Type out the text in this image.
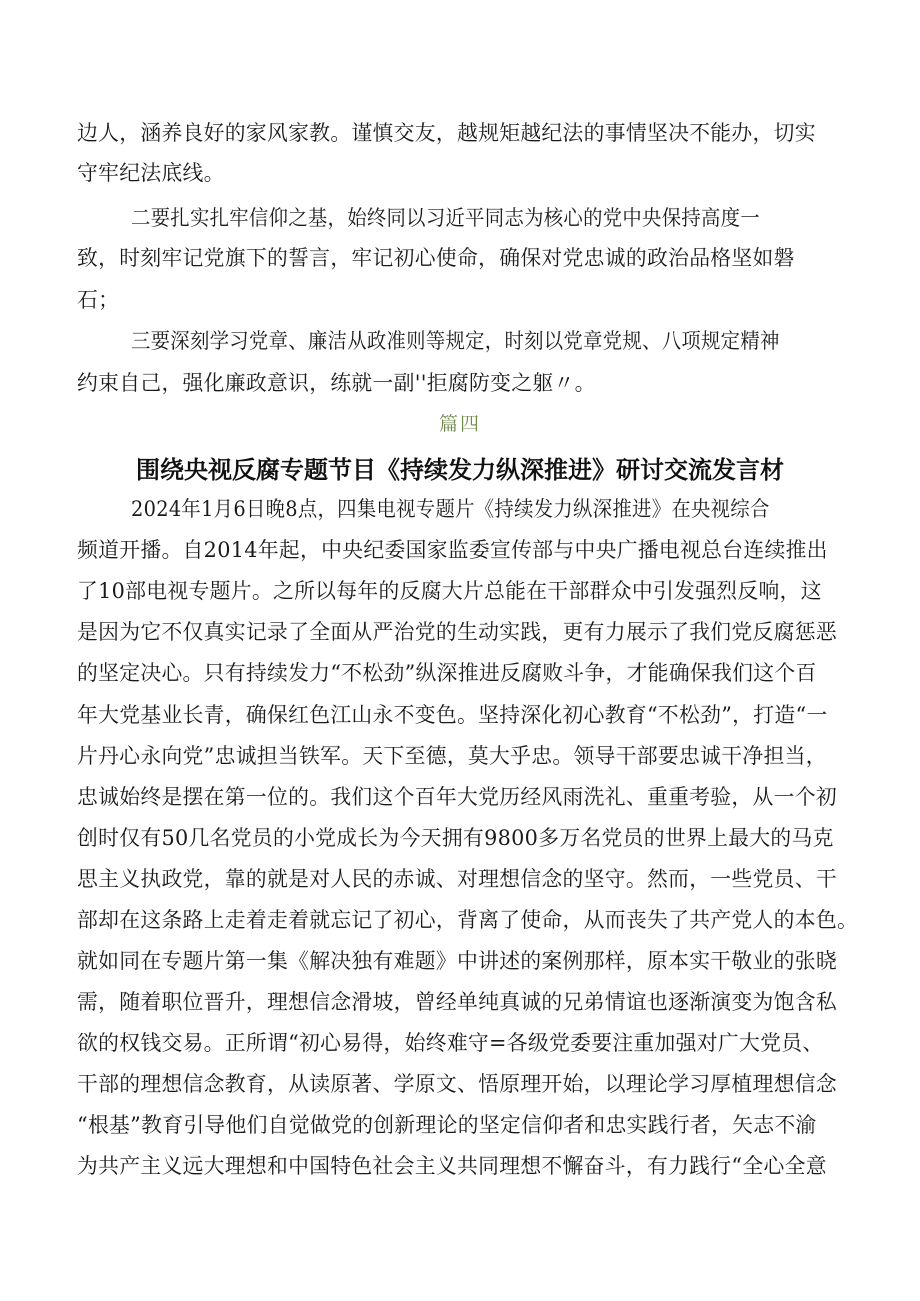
边人，涵养良好的家风家教。谨慎交友，越规矩越纪法的事情坚决不能办，切实
守牢纪法底线。
二要扎实扎牢信仰之基，始终同以习近平同志为核心的党中央保持高度一
致，时刻牢记党旗下的誓言，牢记初心使命，确保对党忠诚的政治品格坚如磐
石；
三要深刻学习党章、廉洁从政准则等规定，时刻以党章党规、八项规定精神
约束自己，强化廉政意识，练就一副''拒腐防变之躯〃。
篇四
围绕央视反腐专题节目《持续发力纵深推进》研讨交流发言材
2024年1月6日晚8点，四集电视专题片《持续发力纵深推进》在央视综合
频道开播。自2014年起，中央纪委国家监委宣传部与中央广播电视总台连续推出
了10部电视专题片。之所以每年的反腐大片总能在干部群众中引发强烈反响，这
是因为它不仅真实记录了全面从严治党的生动实践，更有力展示了我们党反腐惩恶
的坚定决心。只有持续发力“不松劲”纵深推进反腐败斗争，才能确保我们这个百
年大党基业长青，确保红色江山永不变色。坚持深化初心教育“不松劲”，打造“一
片丹心永向党”忠诚担当铁军。天下至德，莫大乎忠。领导干部要忠诚干净担当，
忠诚始终是摆在第一位的。我们这个百年大党历经风雨洗礼、重重考验，从一个初
创时仅有50几名党员的小党成长为今天拥有9800多万名党员的世界上最大的马克
思主义执政党，靠的就是对人民的赤诚、对理想信念的坚守。然而，一些党员、干
部却在这条路上走着走着就忘记了初心，背离了使命，从而丧失了共产党人的本色。
就如同在专题片第一集《解决独有难题》中讲述的案例那样，原本实干敬业的张晓
需，随着职位晋升，理想信念滑坡，曾经单纯真诚的兄弟情谊也逐渐演变为饱含私
欲的权钱交易。正所谓“初心易得，始终难守=各级党委要注重加强对广大党员、
干部的理想信念教育，从读原著、学原文、悟原理开始，以理论学习厚植理想信念
“根基”教育引导他们自觉做党的创新理论的坚定信仰者和忠实践行者，矢志不渝
为共产主义远大理想和中国特色社会主义共同理想不懈奋斗，有力践行“全心全意
